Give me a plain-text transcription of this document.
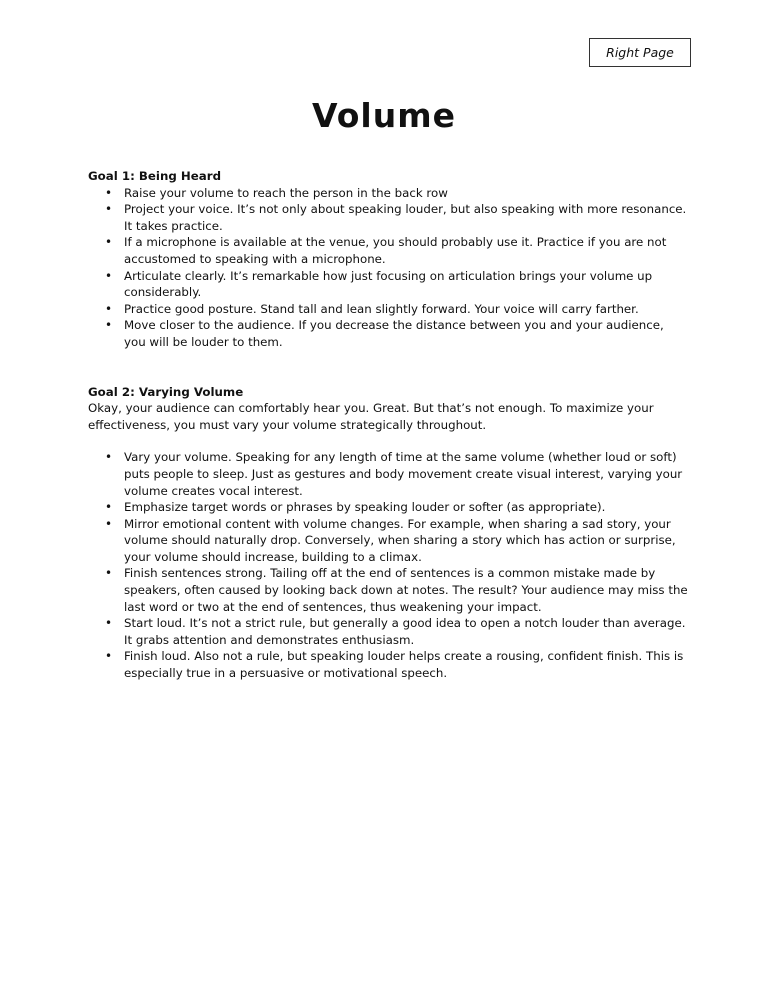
Right Page
Volume

Goal 1: Being Heard

• Raise your volume to reach the person in the back row
• Project your voice. It’s not only about speaking louder, but also speaking with more resonance. It takes practice.
• If a microphone is available at the venue, you should probably use it. Practice if you are not accustomed to speaking with a microphone.
• Articulate clearly. It’s remarkable how just focusing on articulation brings your volume up considerably.
• Practice good posture. Stand tall and lean slightly forward. Your voice will carry farther.
• Move closer to the audience. If you decrease the distance between you and your audience, you will be louder to them.

Goal 2: Varying Volume

Okay, your audience can comfortably hear you. Great. But that’s not enough. To maximize your effectiveness, you must vary your volume strategically throughout.

• Vary your volume. Speaking for any length of time at the same volume (whether loud or soft) puts people to sleep. Just as gestures and body movement create visual interest, varying your volume creates vocal interest.
• Emphasize target words or phrases by speaking louder or softer (as appropriate).
• Mirror emotional content with volume changes. For example, when sharing a sad story, your volume should naturally drop. Conversely, when sharing a story which has action or surprise, your volume should increase, building to a climax.
• Finish sentences strong. Tailing off at the end of sentences is a common mistake made by speakers, often caused by looking back down at notes. The result? Your audience may miss the last word or two at the end of sentences, thus weakening your impact.
• Start loud. It’s not a strict rule, but generally a good idea to open a notch louder than average. It grabs attention and demonstrates enthusiasm.
• Finish loud. Also not a rule, but speaking louder helps create a rousing, confident finish. This is especially true in a persuasive or motivational speech.
